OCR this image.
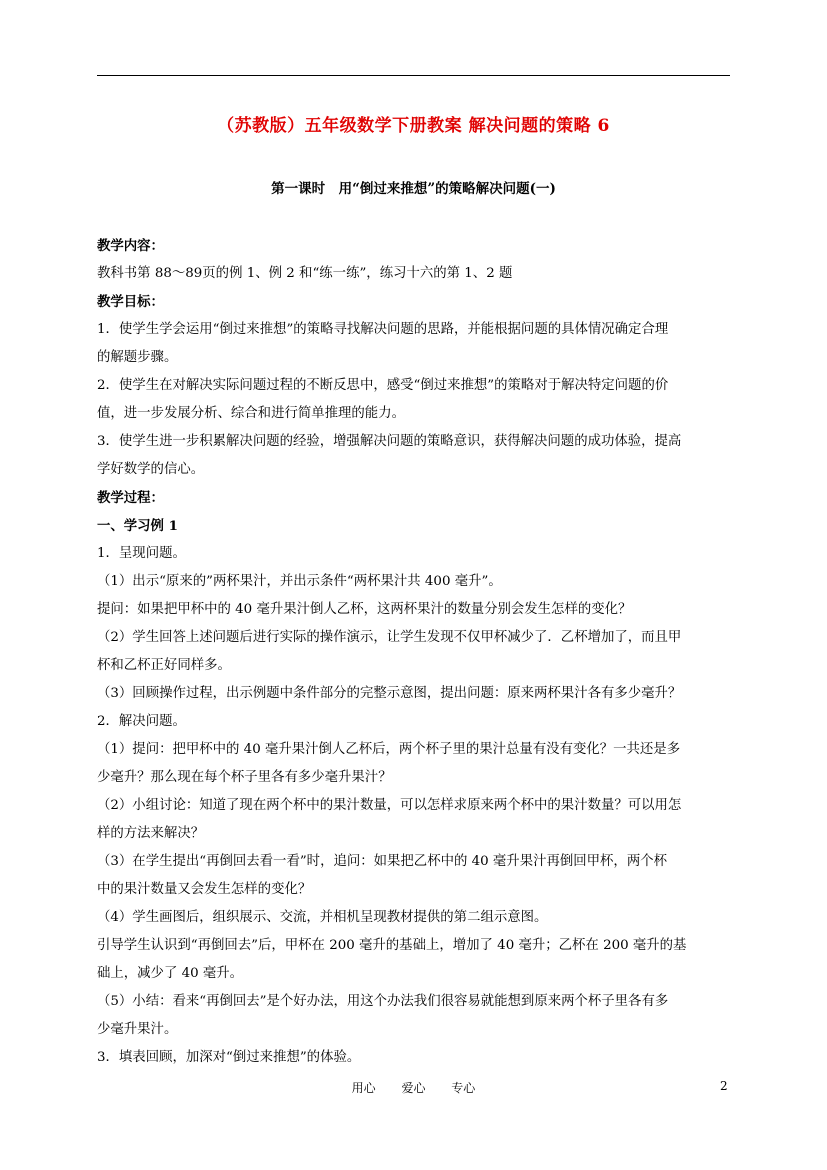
（苏教版）五年级数学下册教案 解决问题的策略 6
第一课时　用“倒过来推想”的策略解决问题(一)
教学内容：
教科书第 88～89页的例 1、例 2 和“练一练”，练习十六的第 1、2 题
教学目标：
1．使学生学会运用“倒过来推想”的策略寻找解决问题的思路，并能根据问题的具体情况确定合理
的解题步骤。
2．使学生在对解决实际问题过程的不断反思中，感受“倒过来推想”的策略对于解决特定问题的价
值，进一步发展分析、综合和进行简单推理的能力。
3．使学生进一步积累解决问题的经验，增强解决问题的策略意识，获得解决问题的成功体验，提高
学好数学的信心。
教学过程：
一、学习例 1
1．呈现问题。
（1）出示“原来的”两杯果汁，并出示条件“两杯果汁共 400 毫升”。
提问：如果把甲杯中的 40 毫升果汁倒人乙杯，这两杯果汁的数量分别会发生怎样的变化？
（2）学生回答上述问题后进行实际的操作演示，让学生发现不仅甲杯减少了．乙杯增加了，而且甲
杯和乙杯正好同样多。
（3）回顾操作过程，出示例题中条件部分的完整示意图，提出问题：原来两杯果汁各有多少毫升？
2．解决问题。
（1）提问：把甲杯中的 40 毫升果汁倒人乙杯后，两个杯子里的果汁总量有没有变化？一共还是多
少毫升？那么现在每个杯子里各有多少毫升果汁？
（2）小组讨论：知道了现在两个杯中的果汁数量，可以怎样求原来两个杯中的果汁数量？可以用怎
样的方法来解决？
（3）在学生提出“再倒回去看一看”时，追问：如果把乙杯中的 40 毫升果汁再倒回甲杯，两个杯
中的果汁数量又会发生怎样的变化？
（4）学生画图后，组织展示、交流，并相机呈现教材提供的第二组示意图。
引导学生认识到“再倒回去”后，甲杯在 200 毫升的基础上，增加了 40 毫升；乙杯在 200 毫升的基
础上，减少了 40 毫升。
（5）小结：看来“再倒回去”是个好办法，用这个办法我们很容易就能想到原来两个杯子里各有多
少毫升果汁。
3．填表回顾，加深对“倒过来推想”的体验。
用心 爱心 专心	2
